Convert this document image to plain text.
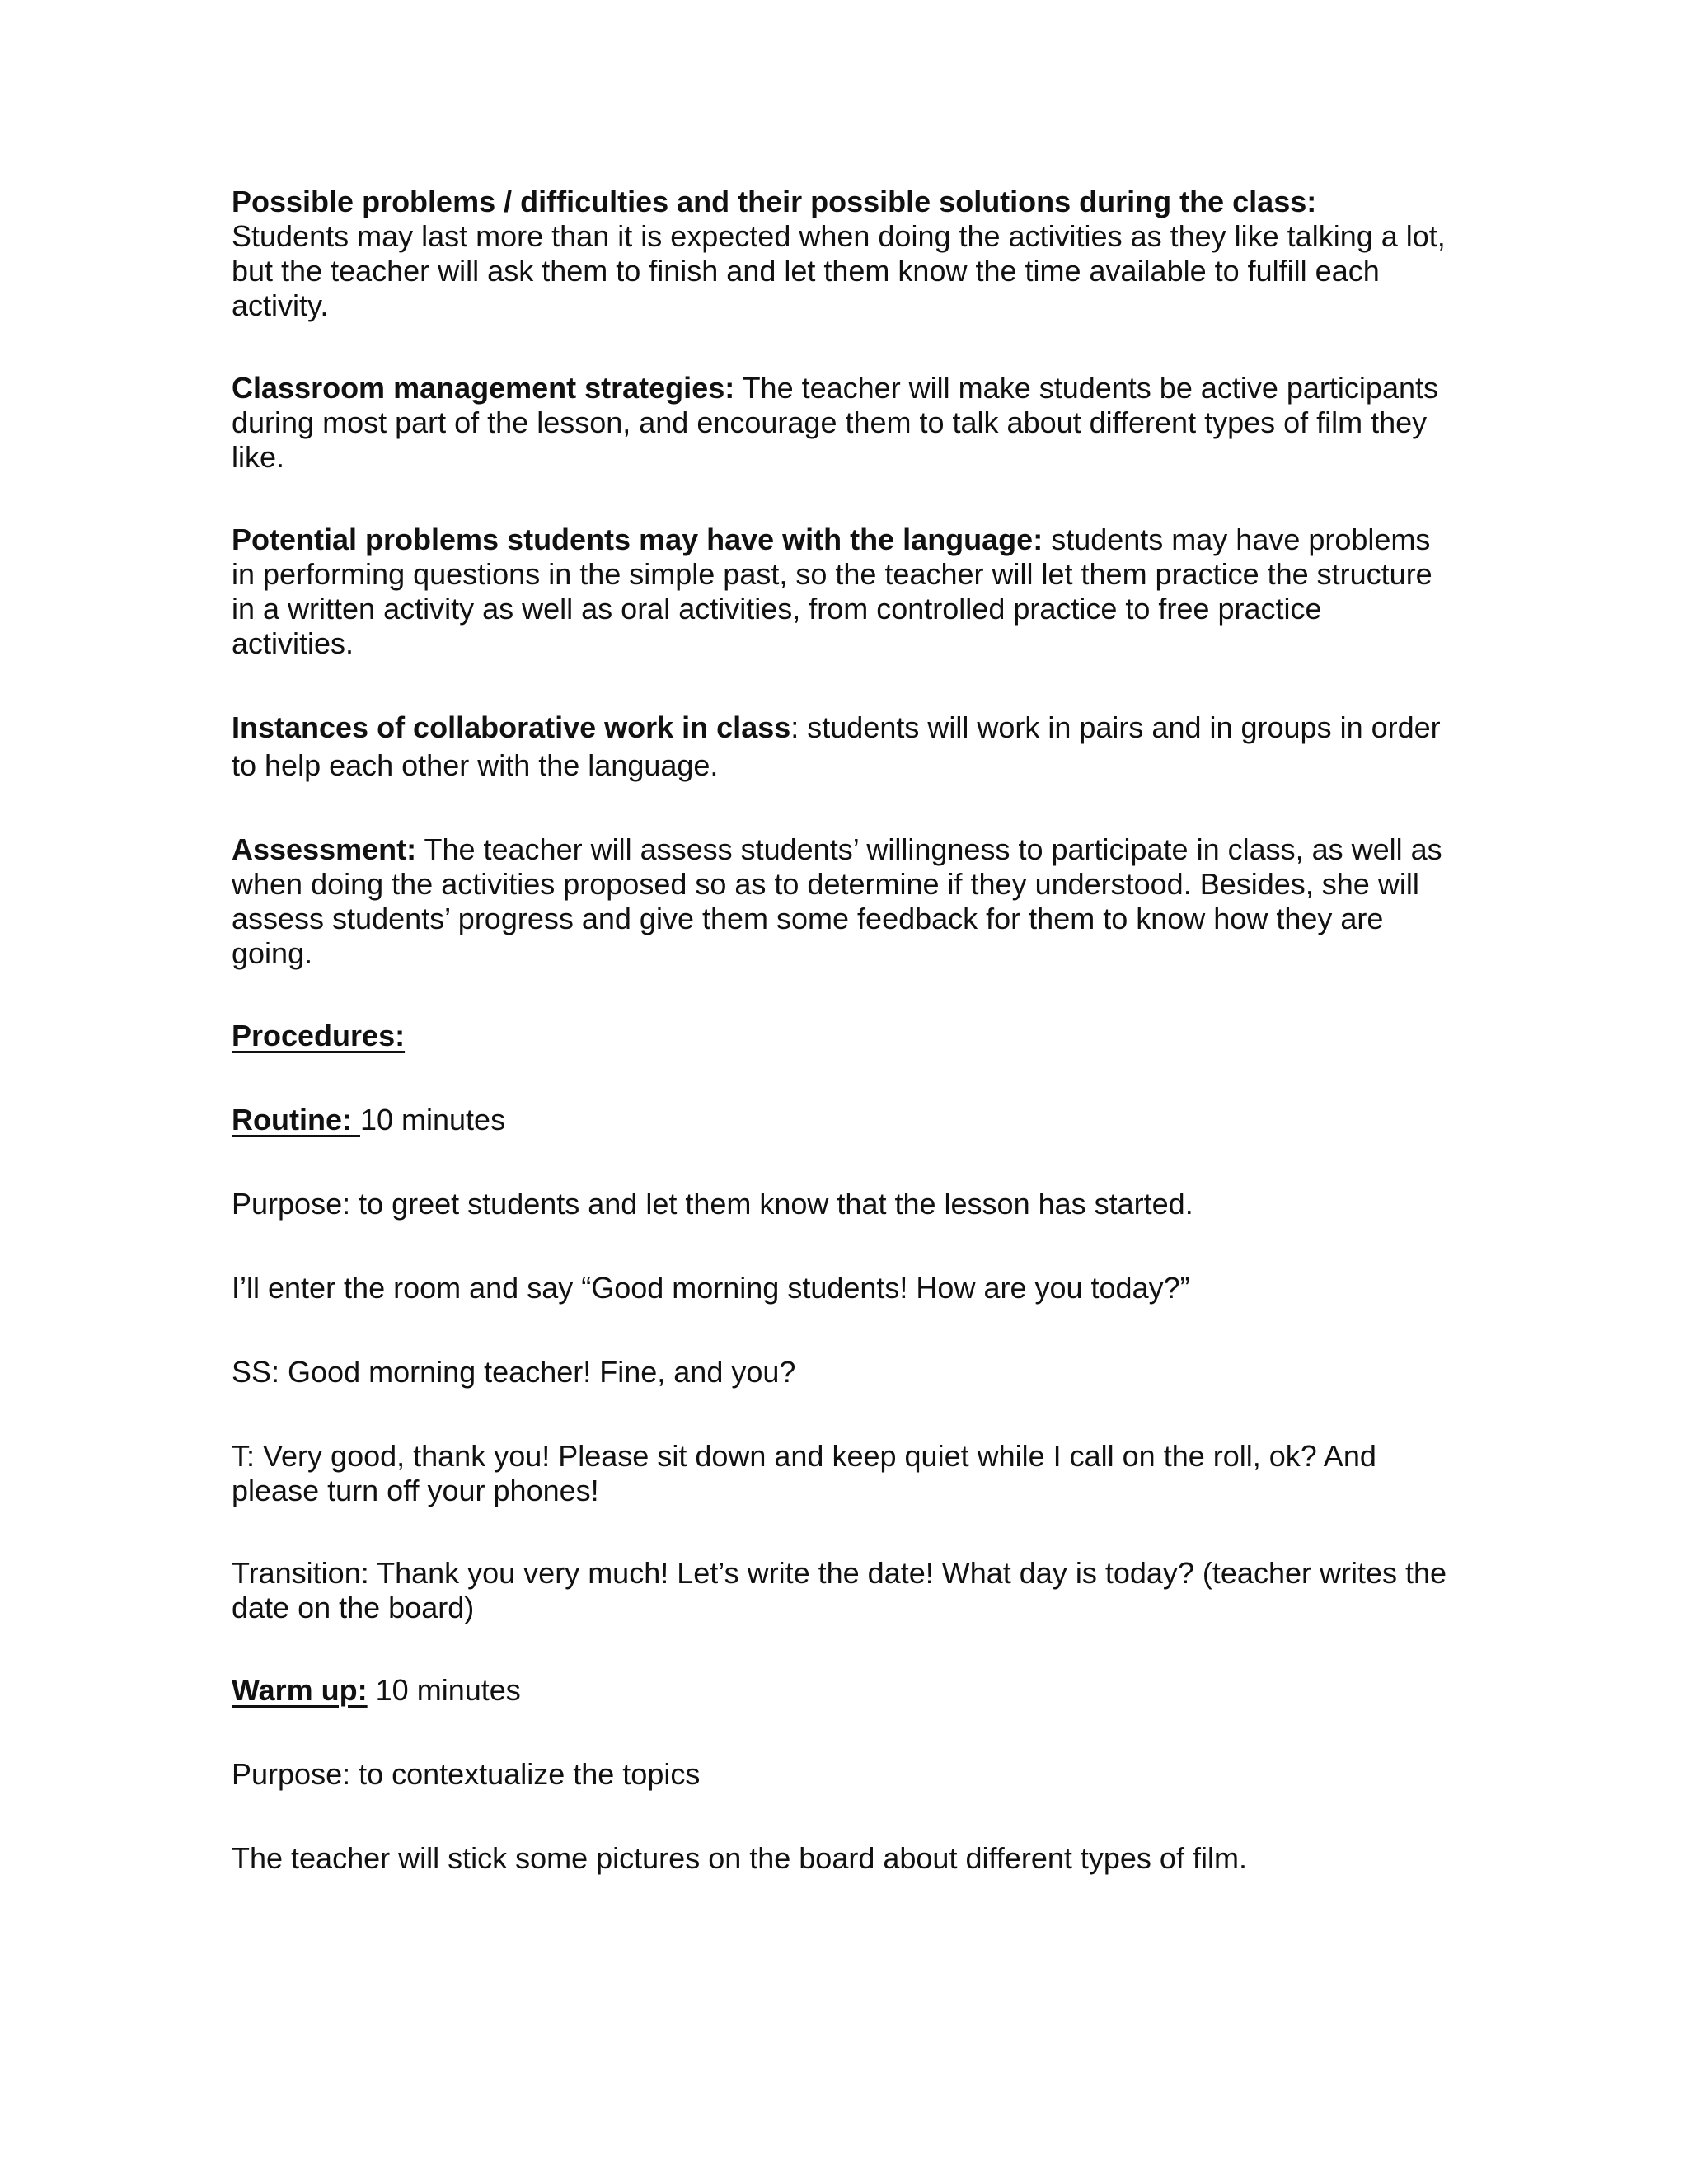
Possible problems / difficulties and their possible solutions during the class:
Students may last more than it is expected when doing the activities as they like talking a lot, but the teacher will ask them to finish and let them know the time available to fulfill each activity.

Classroom management strategies: The teacher will make students be active participants during most part of the lesson, and encourage them to talk about different types of film they like.

Potential problems students may have with the language: students may have problems in performing questions in the simple past, so the teacher will let them practice the structure in a written activity as well as oral activities, from controlled practice to free practice activities.

Instances of collaborative work in class: students will work in pairs and in groups in order to help each other with the language.

Assessment: The teacher will assess students’ willingness to participate in class, as well as when doing the activities proposed so as to determine if they understood. Besides, she will assess students’ progress and give them some feedback for them to know how they are going.

Procedures:

Routine: 10 minutes

Purpose: to greet students and let them know that the lesson has started.

I’ll enter the room and say “Good morning students! How are you today?”

SS: Good morning teacher! Fine, and you?

T: Very good, thank you! Please sit down and keep quiet while I call on the roll, ok? And please turn off your phones!

Transition: Thank you very much! Let’s write the date! What day is today? (teacher writes the date on the board)

Warm up: 10 minutes

Purpose: to contextualize the topics

The teacher will stick some pictures on the board about different types of film.
